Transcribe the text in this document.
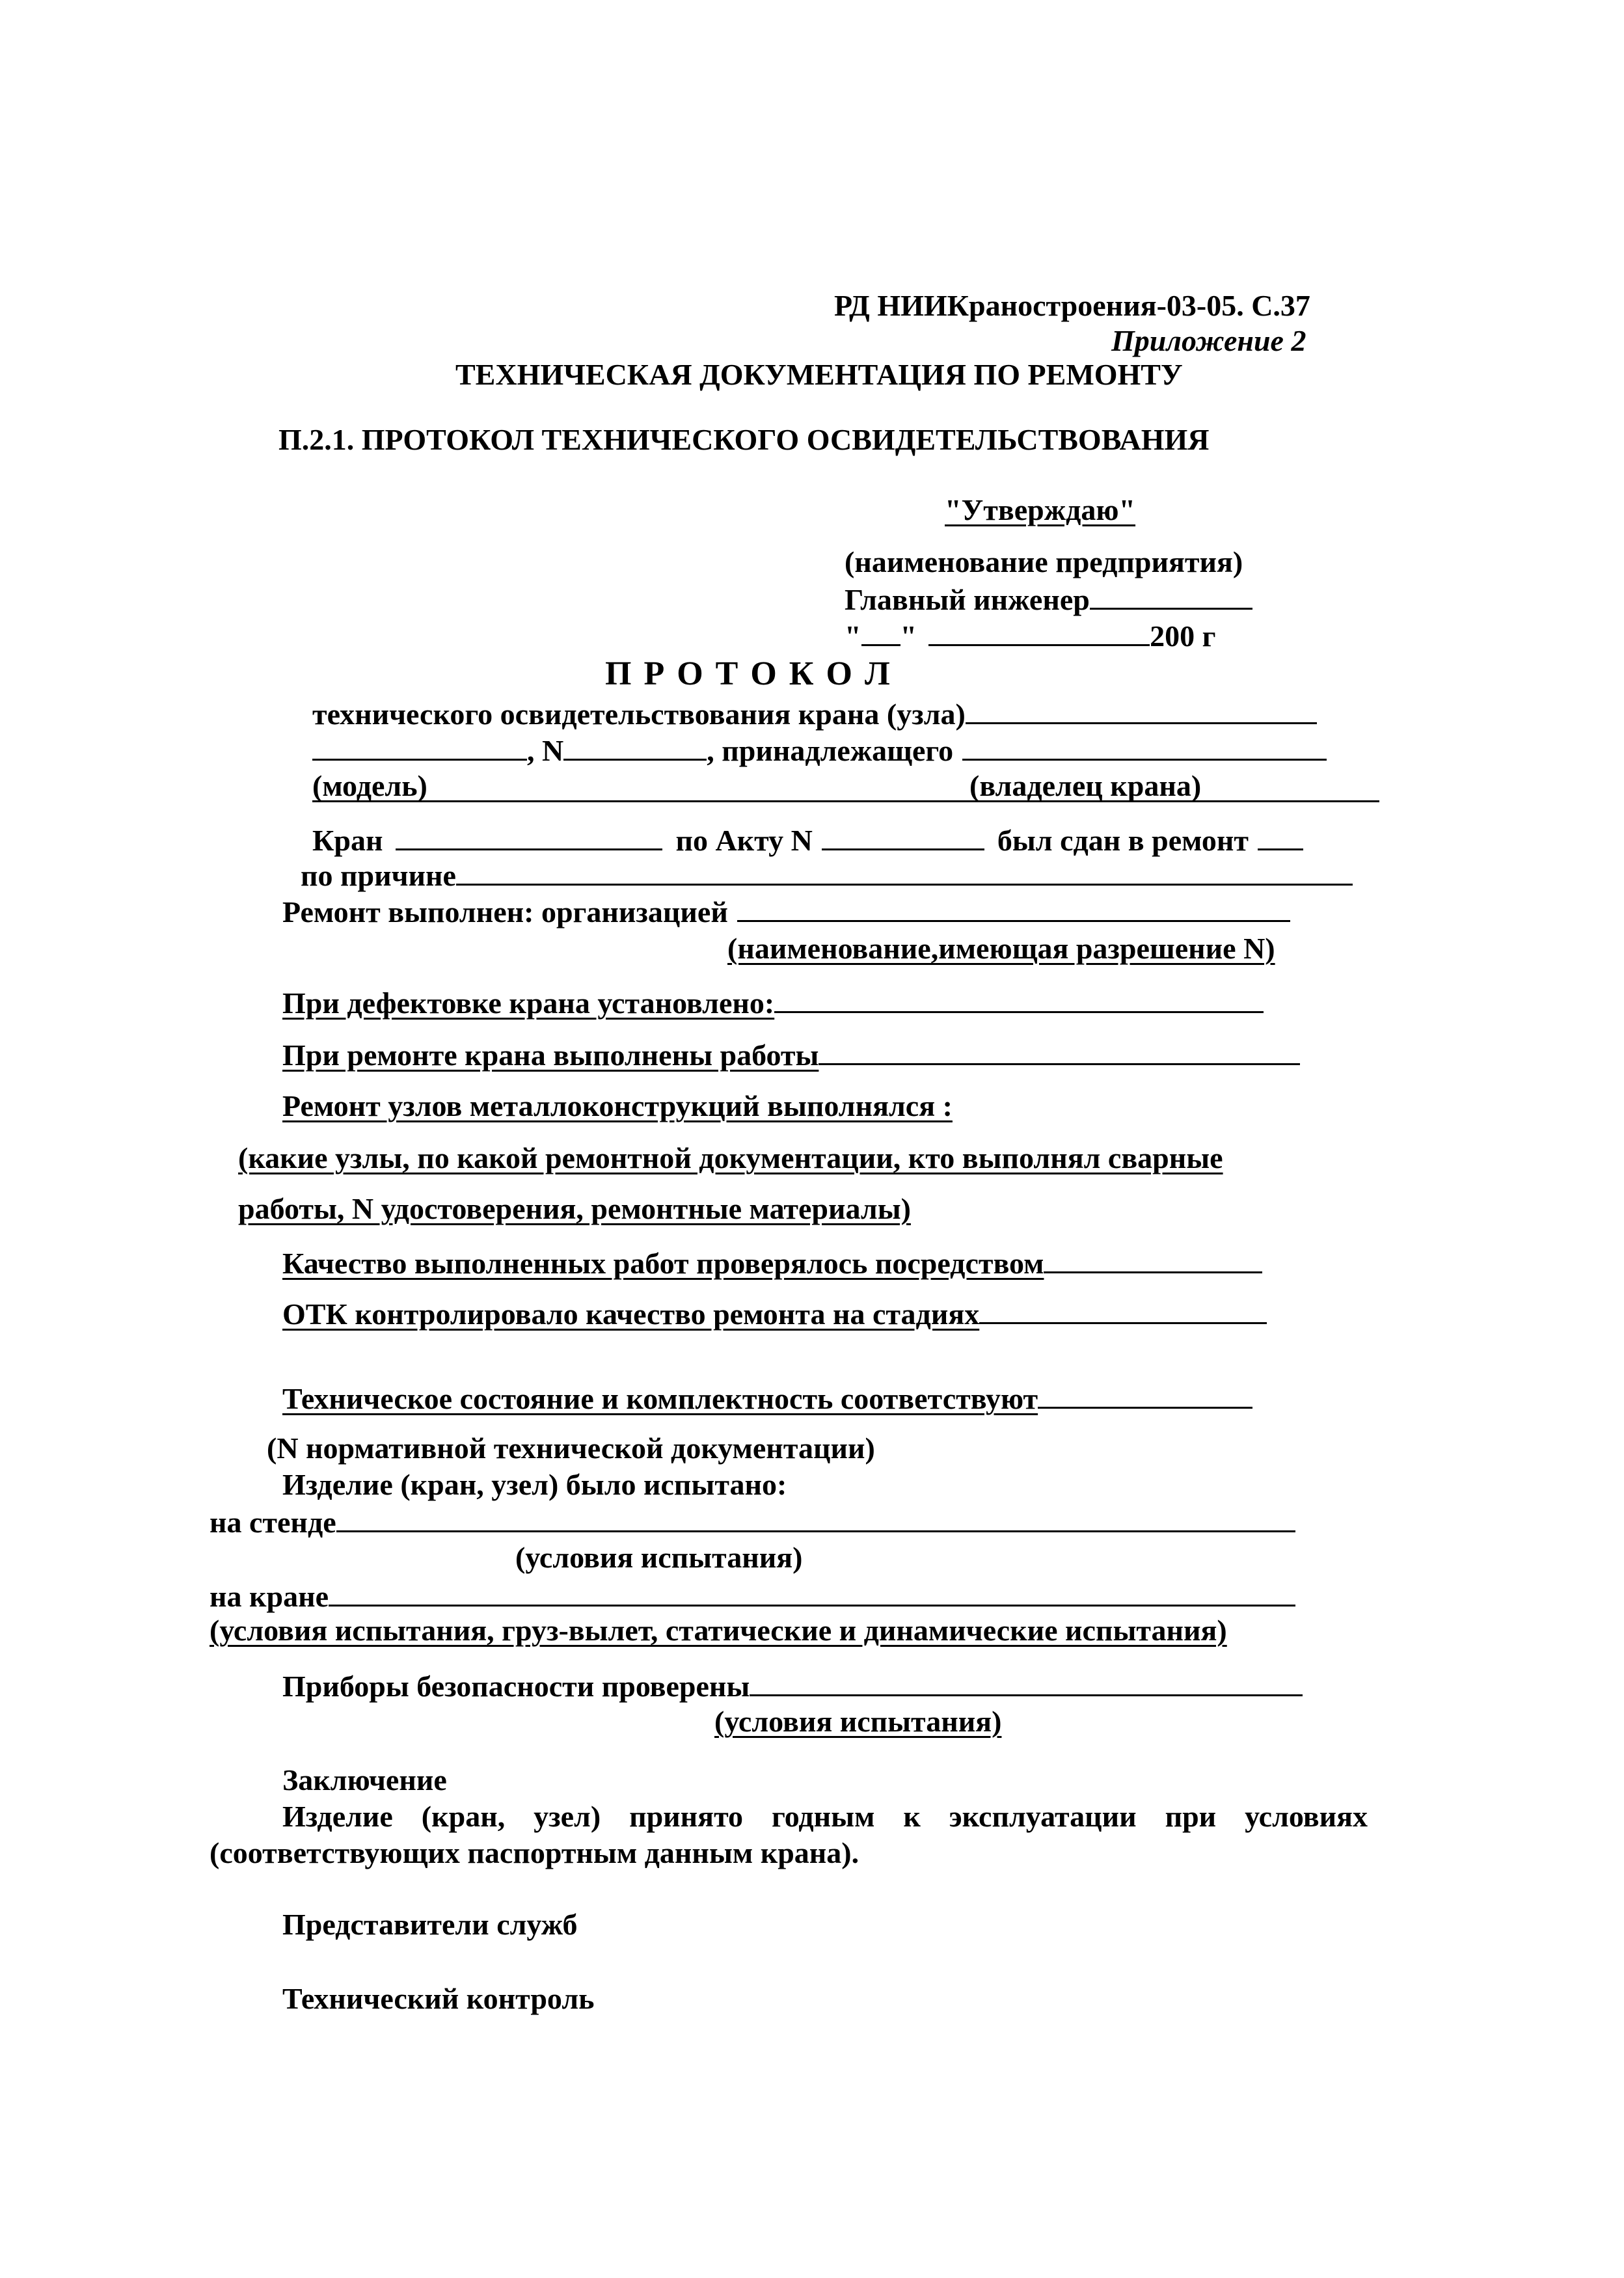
РД НИИКраностроения-03-05. С.37
Приложение 2
ТЕХНИЧЕСКАЯ ДОКУМЕНТАЦИЯ ПО РЕМОНТУ
П.2.1. ПРОТОКОЛ ТЕХНИЧЕСКОГО ОСВИДЕТЕЛЬСТВОВАНИЯ
"Утверждаю"
(наименование предприятия)
Главный инженер
" "	200 г
П Р О Т О К О Л
технического освидетельствования крана (узла)
, N	, принадлежащего
(модель)	(владелец крана)
Кран	по Акту N	был сдан в ремонт
по причине
Ремонт выполнен: организацией
(наименование,имеющая разрешение N)
При дефектовке крана установлено:
При ремонте крана выполнены работы
Ремонт узлов металлоконструкций выполнялся :
(какие узлы, по какой ремонтной документации, кто выполнял сварные
работы, N удостоверения, ремонтные материалы)
Качество выполненных работ проверялось посредством
ОТК контролировало качество ремонта на стадиях
Техническое состояние и комплектность соответствуют
(N нормативной технической документации)
Изделие (кран, узел) было испытано:
на стенде
(условия испытания)
на кране
(условия испытания, груз-вылет, статические и динамические испытания)
Приборы безопасности проверены
(условия испытания)
Заключение
Изделие (кран, узел) принято годным к эксплуатации при условиях
(соответствующих паспортным данным крана).
Представители служб
Технический контроль
